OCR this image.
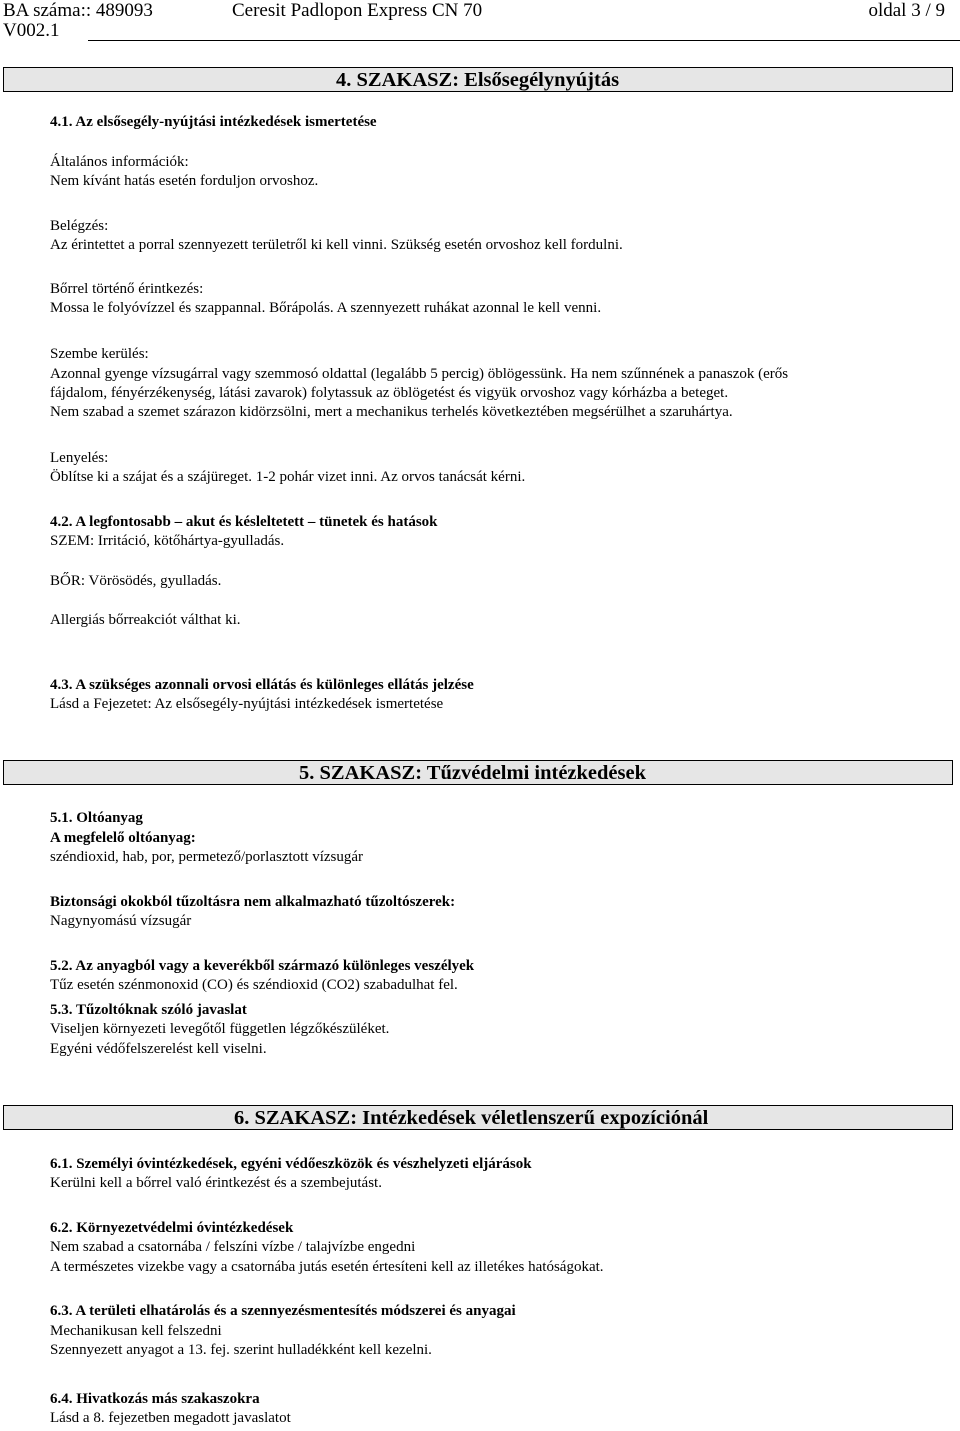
BA száma:: 489093	Ceresit Padlopon Express CN 70	oldal 3 / 9
V002.1
4. SZAKASZ: Elsősegélynyújtás
4.1. Az elsősegély-nyújtási intézkedések ismertetése
Általános információk:
Nem kívánt hatás esetén forduljon orvoshoz.
Belégzés:
Az érintettet a porral szennyezett területről ki kell vinni. Szükség esetén orvoshoz kell fordulni.
Bőrrel történő érintkezés:
Mossa le folyóvízzel és szappannal. Bőrápolás. A szennyezett ruhákat azonnal le kell venni.
Szembe kerülés:
Azonnal gyenge vízsugárral vagy szemmosó oldattal (legalább 5 percig) öblögessünk. Ha nem szűnnének a panaszok (erős
fájdalom, fényérzékenység, látási zavarok) folytassuk az öblögetést és vigyük orvoshoz vagy kórházba a beteget.
Nem szabad a szemet szárazon kidörzsölni, mert a mechanikus terhelés következtében megsérülhet a szaruhártya.
Lenyelés:
Öblítse ki a szájat és a szájüreget. 1-2 pohár vizet inni. Az orvos tanácsát kérni.
4.2. A legfontosabb – akut és késleltetett – tünetek és hatások
SZEM: Irritáció, kötőhártya-gyulladás.
BŐR: Vörösödés, gyulladás.
Allergiás bőrreakciót válthat ki.
4.3. A szükséges azonnali orvosi ellátás és különleges ellátás jelzése
Lásd a Fejezetet: Az elsősegély-nyújtási intézkedések ismertetése
5. SZAKASZ: Tűzvédelmi intézkedések
5.1. Oltóanyag
A megfelelő oltóanyag:
széndioxid, hab, por, permetező/porlasztott vízsugár
Biztonsági okokból tűzoltásra nem alkalmazható tűzoltószerek:
Nagynyomású vízsugár
5.2. Az anyagból vagy a keverékből származó különleges veszélyek
Tűz esetén szénmonoxid (CO) és széndioxid (CO2) szabadulhat fel.
5.3. Tűzoltóknak szóló javaslat
Viseljen környezeti levegőtől független légzőkészüléket.
Egyéni védőfelszerelést kell viselni.
6. SZAKASZ: Intézkedések véletlenszerű expozíciónál
6.1. Személyi óvintézkedések, egyéni védőeszközök és vészhelyzeti eljárások
Kerülni kell a bőrrel való érintkezést és a szembejutást.
6.2. Környezetvédelmi óvintézkedések
Nem szabad a csatornába / felszíni vízbe / talajvízbe engedni
A természetes vizekbe vagy a csatornába jutás esetén értesíteni kell az illetékes hatóságokat.
6.3. A területi elhatárolás és a szennyezésmentesítés módszerei és anyagai
Mechanikusan kell felszedni
Szennyezett anyagot a 13. fej. szerint hulladékként kell kezelni.
6.4. Hivatkozás más szakaszokra
Lásd a 8. fejezetben megadott javaslatot
